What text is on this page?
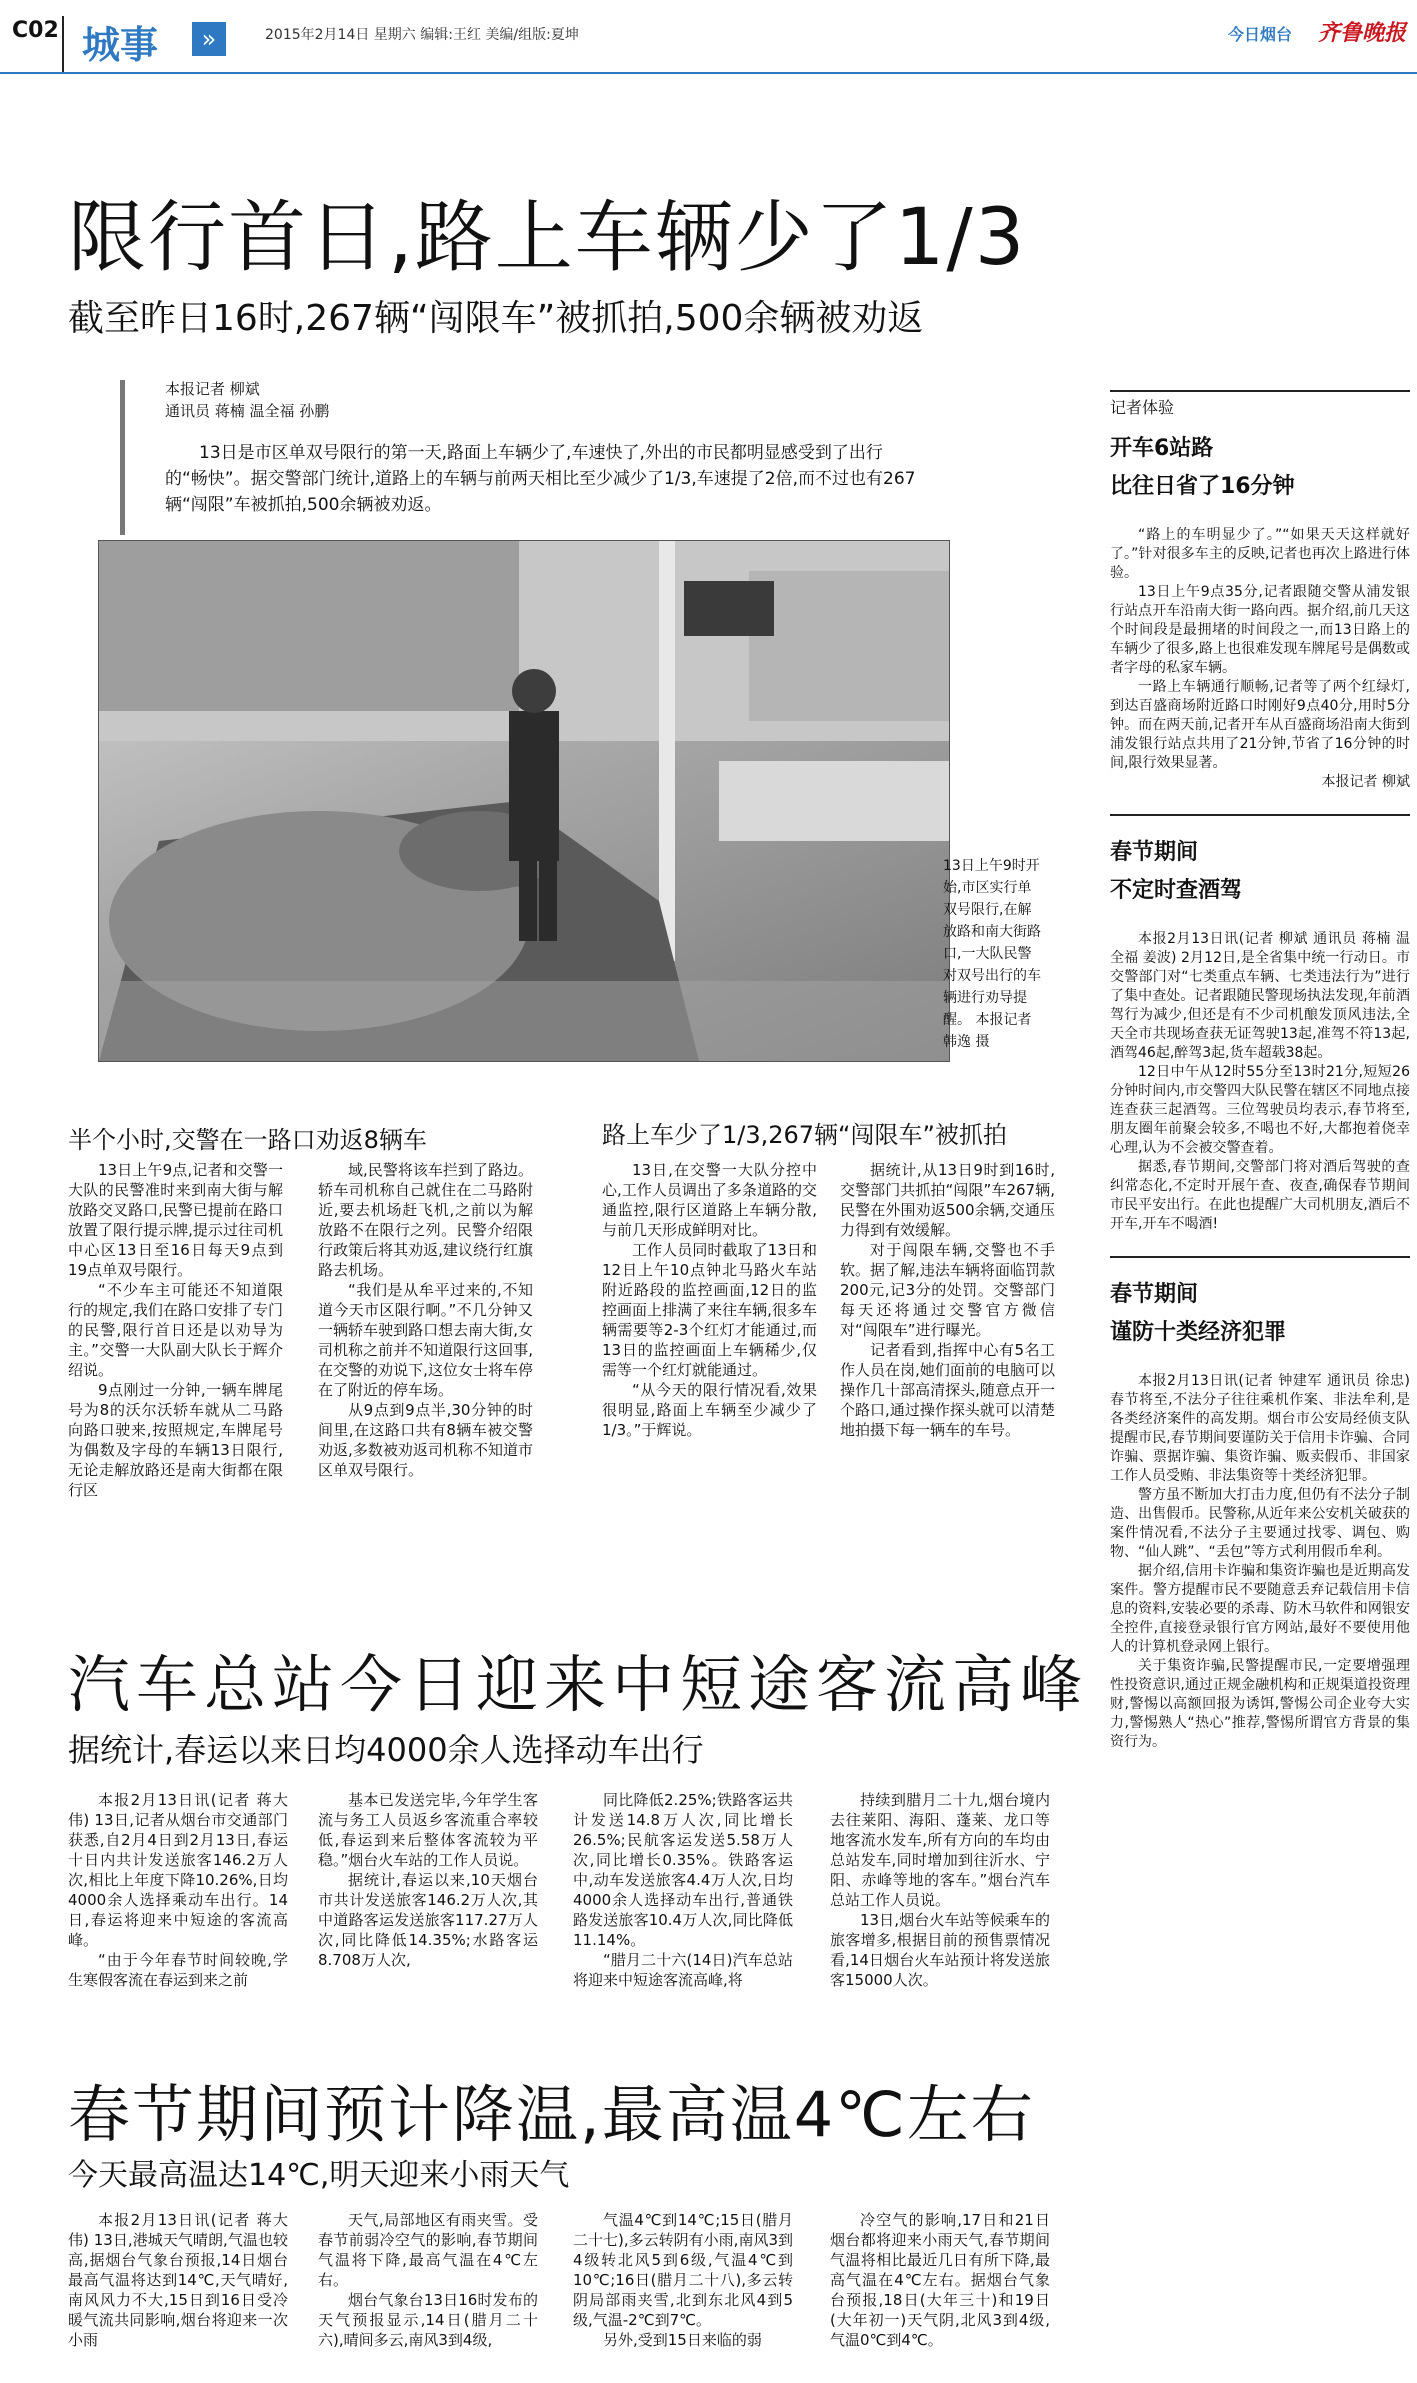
C02 城事	»	2015年2月14日 星期六 编辑:王红 美编/组版:夏坤	今日烟台 齐鲁晚报
限行首日,路上车辆少了1/3
截至昨日16时,267辆“闯限车”被抓拍,500余辆被劝返
本报记者 柳斌
通讯员 蒋楠 温全福 孙鹏
13日是市区单双号限行的第一天,路面上车辆少了,车速快了,外出的市民都明显感受到了出行的“畅快”。据交警部门统计,道路上的车辆与前两天相比至少减少了1/3,车速提了2倍,而不过也有267辆“闯限”车被抓拍,500余辆被劝返。
13日上午9时开始,市区实行单双号限行,在解放路和南大街路口,一大队民警对双号出行的车辆进行劝导提醒。 本报记者 韩逸 摄
半个小时,交警在一路口劝返8辆车	路上车少了1/3,267辆“闯限车”被抓拍

13日上午9点,记者和交警一大队的民警准时来到南大街与解放路交叉路口,民警已提前在路口放置了限行提示牌,提示过往司机中心区13日至16日每天9点到19点单双号限行。

“不少车主可能还不知道限行的规定,我们在路口安排了专门的民警,限行首日还是以劝导为主。”交警一大队副大队长于辉介绍说。

9点刚过一分钟,一辆车牌尾号为8的沃尔沃轿车就从二马路向路口驶来,按照规定,车牌尾号为偶数及字母的车辆13日限行,无论走解放路还是南大街都在限行区

域,民警将该车拦到了路边。轿车司机称自己就住在二马路附近,要去机场赶飞机,之前以为解放路不在限行之列。民警介绍限行政策后将其劝返,建议绕行红旗路去机场。

“我们是从牟平过来的,不知道今天市区限行啊。”不几分钟又一辆轿车驶到路口想去南大街,女司机称之前并不知道限行这回事,在交警的劝说下,这位女士将车停在了附近的停车场。

从9点到9点半,30分钟的时间里,在这路口共有8辆车被交警劝返,多数被劝返司机称不知道市区单双号限行。

13日,在交警一大队分控中心,工作人员调出了多条道路的交通监控,限行区道路上车辆分散,与前几天形成鲜明对比。

工作人员同时截取了13日和12日上午10点钟北马路火车站附近路段的监控画面,12日的监控画面上排满了来往车辆,很多车辆需要等2-3个红灯才能通过,而13日的监控画面上车辆稀少,仅需等一个红灯就能通过。

“从今天的限行情况看,效果很明显,路面上车辆至少减少了1/3。”于辉说。

据统计,从13日9时到16时,交警部门共抓拍“闯限”车267辆,民警在外围劝返500余辆,交通压力得到有效缓解。

对于闯限车辆,交警也不手软。据了解,违法车辆将面临罚款200元,记3分的处罚。交警部门每天还将通过交警官方微信对“闯限车”进行曝光。

记者看到,指挥中心有5名工作人员在岗,她们面前的电脑可以操作几十部高清探头,随意点开一个路口,通过操作探头就可以清楚地拍摄下每一辆车的车号。

汽车总站今日迎来中短途客流高峰
据统计,春运以来日均4000余人选择动车出行

本报2月13日讯(记者 蒋大伟) 13日,记者从烟台市交通部门获悉,自2月4日到2月13日,春运十日内共计发送旅客146.2万人次,相比上年度下降10.26%,日均4000余人选择乘动车出行。14日,春运将迎来中短途的客流高峰。

“由于今年春节时间较晚,学生寒假客流在春运到来之前

基本已发送完毕,今年学生客流与务工人员返乡客流重合率较低,春运到来后整体客流较为平稳。”烟台火车站的工作人员说。

据统计,春运以来,10天烟台市共计发送旅客146.2万人次,其中道路客运发送旅客117.27万人次,同比降低14.35%;水路客运8.708万人次,

同比降低2.25%;铁路客运共计发送14.8万人次,同比增长26.5%;民航客运发送5.58万人次,同比增长0.35%。铁路客运中,动车发送旅客4.4万人次,日均4000余人选择动车出行,普通铁路发送旅客10.4万人次,同比降低11.14%。

“腊月二十六(14日)汽车总站将迎来中短途客流高峰,将

持续到腊月二十九,烟台境内去往莱阳、海阳、蓬莱、龙口等地客流水发车,所有方向的车均由总站发车,同时增加到往沂水、宁阳、赤峰等地的客车。”烟台汽车总站工作人员说。

13日,烟台火车站等候乘车的旅客增多,根据目前的预售票情况看,14日烟台火车站预计将发送旅客15000人次。

春节期间预计降温,最高温4℃左右
今天最高温达14℃,明天迎来小雨天气

本报2月13日讯(记者 蒋大伟) 13日,港城天气晴朗,气温也较高,据烟台气象台预报,14日烟台最高气温将达到14℃,天气晴好,南风风力不大,15日到16日受冷暖气流共同影响,烟台将迎来一次小雨

天气,局部地区有雨夹雪。受春节前弱冷空气的影响,春节期间气温将下降,最高气温在4℃左右。

烟台气象台13日16时发布的天气预报显示,14日(腊月二十六),晴间多云,南风3到4级,

气温4℃到14℃;15日(腊月二十七),多云转阴有小雨,南风3到4级转北风5到6级,气温4℃到10℃;16日(腊月二十八),多云转阴局部雨夹雪,北到东北风4到5级,气温-2℃到7℃。

另外,受到15日来临的弱

冷空气的影响,17日和21日烟台都将迎来小雨天气,春节期间气温将相比最近几日有所下降,最高气温在4℃左右。据烟台气象台预报,18日(大年三十)和19日(大年初一)天气阴,北风3到4级,气温0℃到4℃。

记者体验
开车6站路
比往日省了16分钟

“路上的车明显少了。”“如果天天这样就好了。”针对很多车主的反映,记者也再次上路进行体验。

13日上午9点35分,记者跟随交警从浦发银行站点开车沿南大街一路向西。据介绍,前几天这个时间段是最拥堵的时间段之一,而13日路上的车辆少了很多,路上也很难发现车牌尾号是偶数或者字母的私家车辆。

一路上车辆通行顺畅,记者等了两个红绿灯,到达百盛商场附近路口时刚好9点40分,用时5分钟。而在两天前,记者开车从百盛商场沿南大街到浦发银行站点共用了21分钟,节省了16分钟的时间,限行效果显著。

本报记者 柳斌
春节期间
不定时查酒驾

本报2月13日讯(记者 柳斌 通讯员 蒋楠 温全福 姜波) 2月12日,是全省集中统一行动日。市交警部门对“七类重点车辆、七类违法行为”进行了集中查处。记者跟随民警现场执法发现,年前酒驾行为减少,但还是有不少司机酿发顶风违法,全天全市共现场查获无证驾驶13起,准驾不符13起,酒驾46起,醉驾3起,货车超载38起。

12日中午从12时55分至13时21分,短短26分钟时间内,市交警四大队民警在辖区不同地点接连查获三起酒驾。三位驾驶员均表示,春节将至,朋友圈年前聚会较多,不喝也不好,大都抱着侥幸心理,认为不会被交警查着。

据悉,春节期间,交警部门将对酒后驾驶的查纠常态化,不定时开展午查、夜查,确保春节期间市民平安出行。在此也提醒广大司机朋友,酒后不开车,开车不喝酒!

春节期间
谨防十类经济犯罪

本报2月13日讯(记者 钟建军 通讯员 徐忠) 春节将至,不法分子往往乘机作案、非法牟利,是各类经济案件的高发期。烟台市公安局经侦支队提醒市民,春节期间要谨防关于信用卡诈骗、合同诈骗、票据诈骗、集资诈骗、贩卖假币、非国家工作人员受贿、非法集资等十类经济犯罪。

警方虽不断加大打击力度,但仍有不法分子制造、出售假币。民警称,从近年来公安机关破获的案件情况看,不法分子主要通过找零、调包、购物、“仙人跳”、“丢包”等方式利用假币牟利。

据介绍,信用卡诈骗和集资诈骗也是近期高发案件。警方提醒市民不要随意丢弃记载信用卡信息的资料,安装必要的杀毒、防木马软件和网银安全控件,直接登录银行官方网站,最好不要使用他人的计算机登录网上银行。

关于集资诈骗,民警提醒市民,一定要增强理性投资意识,通过正规金融机构和正规渠道投资理财,警惕以高额回报为诱饵,警惕公司企业夸大实力,警惕熟人“热心”推荐,警惕所谓官方背景的集资行为。
